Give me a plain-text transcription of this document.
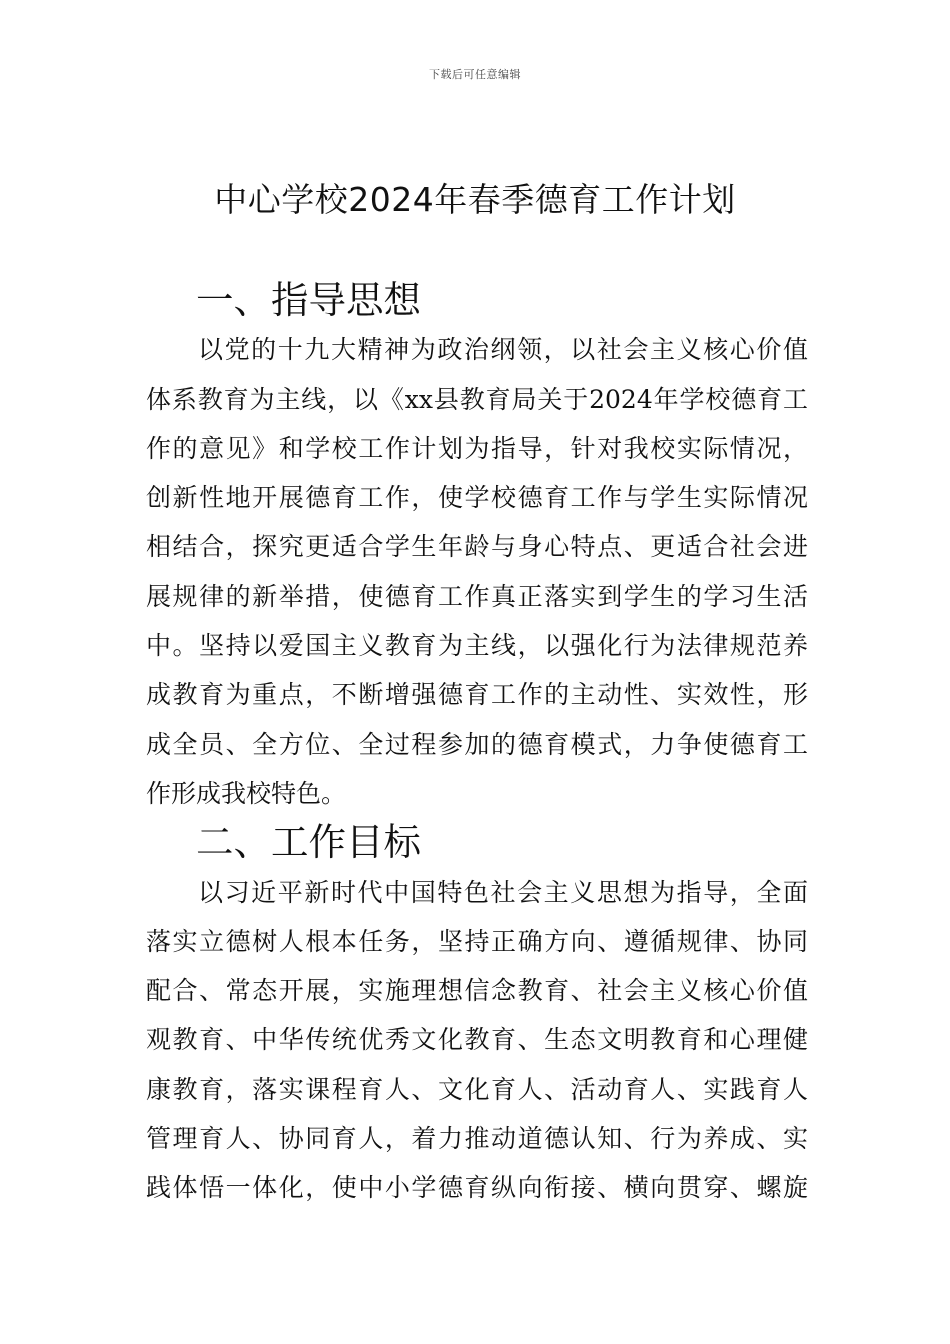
下载后可任意编辑
中心学校2024年春季德育工作计划
一、指导思想

以党的十九大精神为政治纲领，以社会主义核心价值
体系教育为主线，以《xx县教育局关于2024年学校德育工
作的意见》和学校工作计划为指导，针对我校实际情况，
创新性地开展德育工作，使学校德育工作与学生实际情况
相结合，探究更适合学生年龄与身心特点、更适合社会进
展规律的新举措，使德育工作真正落实到学生的学习生活
中。坚持以爱国主义教育为主线，以强化行为法律规范养
成教育为重点，不断增强德育工作的主动性、实效性，形
成全员、全方位、全过程参加的德育模式，力争使德育工
作形成我校特色。

二、工作目标

以习近平新时代中国特色社会主义思想为指导，全面
落实立德树人根本任务，坚持正确方向、遵循规律、协同
配合、常态开展，实施理想信念教育、社会主义核心价值
观教育、中华传统优秀文化教育、生态文明教育和心理健
康教育，落实课程育人、文化育人、活动育人、实践育人
管理育人、协同育人，着力推动道德认知、行为养成、实
践体悟一体化，使中小学德育纵向衔接、横向贯穿、螺旋
